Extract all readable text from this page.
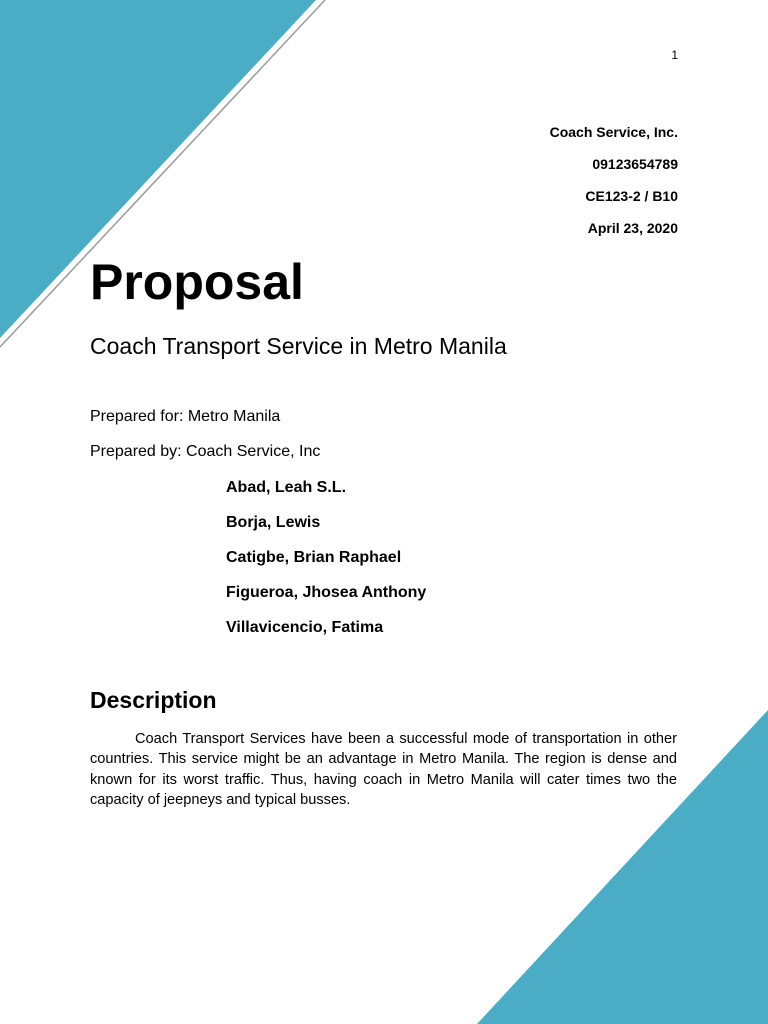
1
Coach Service, Inc.
09123654789
CE123-2 / B10
April 23, 2020
Proposal
Coach Transport Service in Metro Manila
Prepared for: Metro Manila
Prepared by: Coach Service, Inc
Abad, Leah S.L.
Borja, Lewis
Catigbe, Brian Raphael
Figueroa, Jhosea Anthony
Villavicencio, Fatima
Description

Coach Transport Services have been a successful mode of transportation in other countries. This service might be an advantage in Metro Manila. The region is dense and known for its worst traffic. Thus, having coach in Metro Manila will cater times two the capacity of jeepneys and typical busses.
